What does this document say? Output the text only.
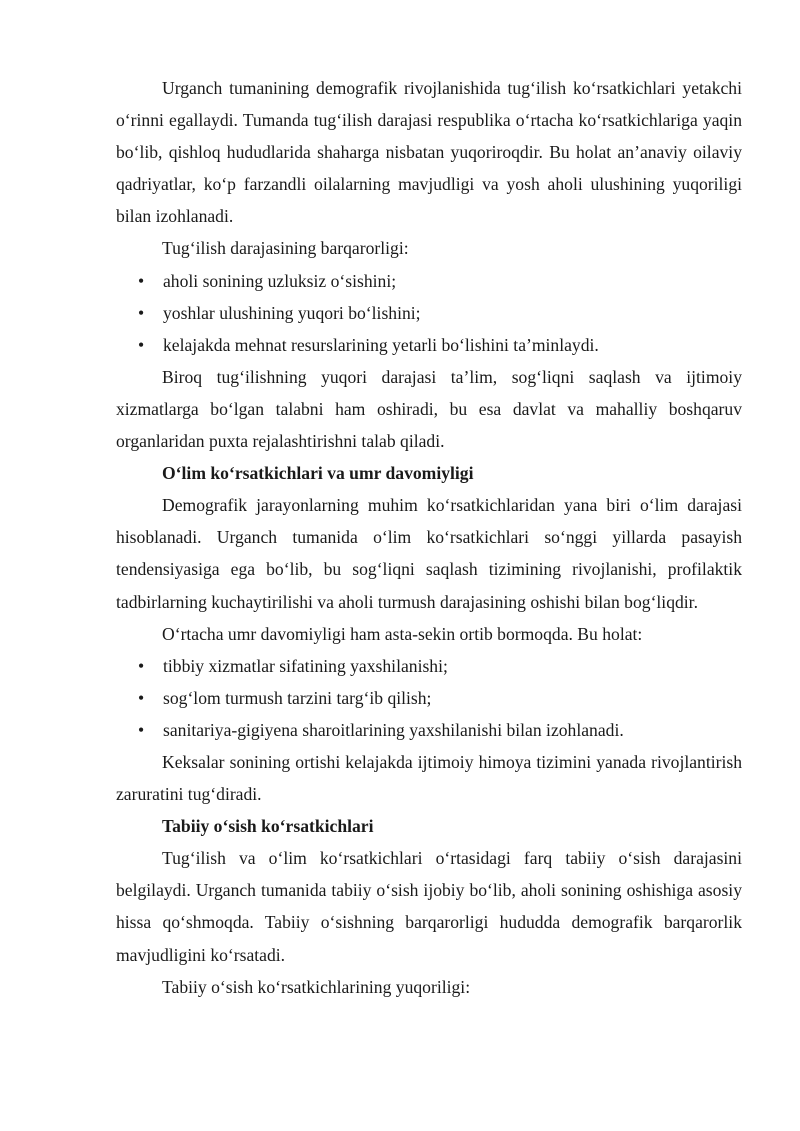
Urganch tumanining demografik rivojlanishida tug‘ilish ko‘rsatkichlari yetakchi o‘rinni egallaydi. Tumanda tug‘ilish darajasi respublika o‘rtacha ko‘rsatkichlariga yaqin bo‘lib, qishloq hududlarida shaharga nisbatan yuqoriroqdir. Bu holat an’anaviy oilaviy qadriyatlar, ko‘p farzandli oilalarning mavjudligi va yosh aholi ulushining yuqoriligi bilan izohlanadi.

Tug‘ilish darajasining barqarorligi:

• aholi sonining uzluksiz o‘sishini;
• yoshlar ulushining yuqori bo‘lishini;
• kelajakda mehnat resurslarining yetarli bo‘lishini ta’minlaydi.

Biroq tug‘ilishning yuqori darajasi ta’lim, sog‘liqni saqlash va ijtimoiy xizmatlarga bo‘lgan talabni ham oshiradi, bu esa davlat va mahalliy boshqaruv organlaridan puxta rejalashtirishni talab qiladi.

O‘lim ko‘rsatkichlari va umr davomiyligi

Demografik jarayonlarning muhim ko‘rsatkichlaridan yana biri o‘lim darajasi hisoblanadi. Urganch tumanida o‘lim ko‘rsatkichlari so‘nggi yillarda pasayish tendensiyasiga ega bo‘lib, bu sog‘liqni saqlash tizimining rivojlanishi, profilaktik tadbirlarning kuchaytirilishi va aholi turmush darajasining oshishi bilan bog‘liqdir.

O‘rtacha umr davomiyligi ham asta-sekin ortib bormoqda. Bu holat:

• tibbiy xizmatlar sifatining yaxshilanishi;
• sog‘lom turmush tarzini targ‘ib qilish;
• sanitariya-gigiyena sharoitlarining yaxshilanishi bilan izohlanadi.

Keksalar sonining ortishi kelajakda ijtimoiy himoya tizimini yanada rivojlantirish zaruratini tug‘diradi.

Tabiiy o‘sish ko‘rsatkichlari

Tug‘ilish va o‘lim ko‘rsatkichlari o‘rtasidagi farq tabiiy o‘sish darajasini belgilaydi. Urganch tumanida tabiiy o‘sish ijobiy bo‘lib, aholi sonining oshishiga asosiy hissa qo‘shmoqda. Tabiiy o‘sishning barqarorligi hududda demografik barqarorlik mavjudligini ko‘rsatadi.

Tabiiy o‘sish ko‘rsatkichlarining yuqoriligi:
